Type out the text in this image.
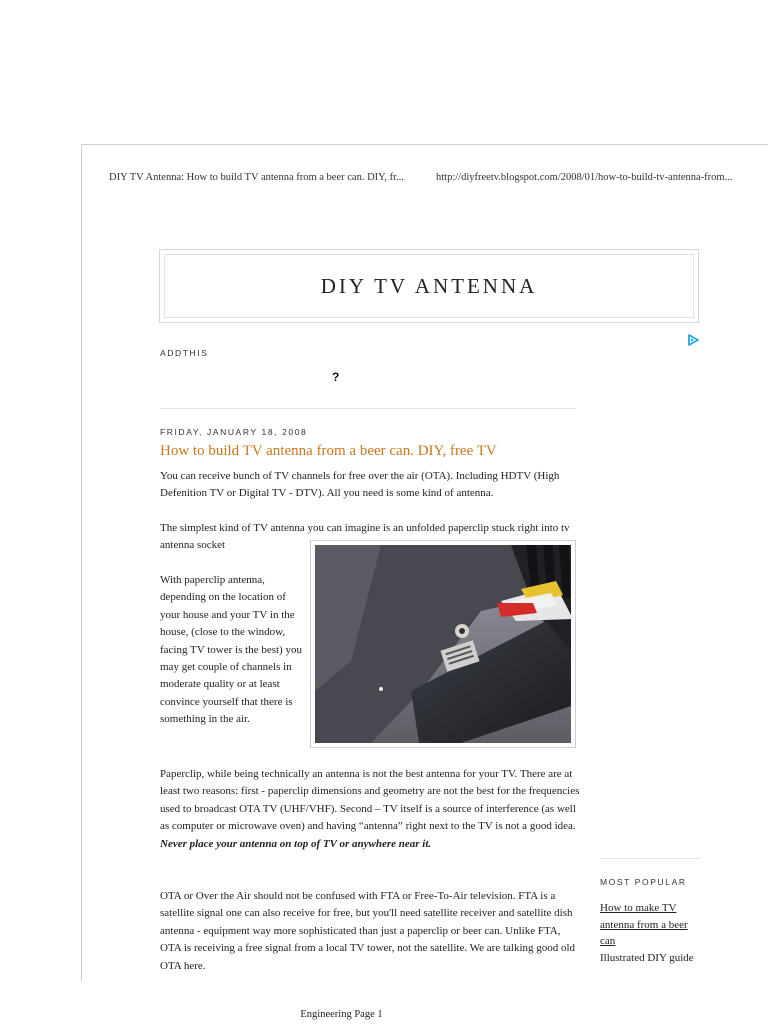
DIY TV Antenna: How to build TV antenna from a beer can. DIY, fr...	http://diyfreetv.blogspot.com/2008/01/how-to-build-tv-antenna-from...
DIY TV ANTENNA
ADDTHIS
?
FRIDAY, JANUARY 18, 2008
How to build TV antenna from a beer can. DIY, free TV
You can receive bunch of TV channels for free over the air (OTA). Including HDTV (High Defenition TV or Digital TV - DTV). All you need is some kind of antenna.
The simplest kind of TV antenna you can imagine is an unfolded paperclip stuck right into tv antenna socket
With paperclip antenna, depending on the location of your house and your TV in the house, (close to the window, facing TV tower is the best) you may get couple of channels in moderate quality or at least convince yourself that there is something in the air.
Paperclip, while being technically an antenna is not the best antenna for your TV. There are at least two reasons: first - paperclip dimensions and geometry are not the best for the frequencies used to broadcast OTA TV (UHF/VHF). Second – TV itself is a source of interference (as well as computer or microwave oven) and having “antenna” right next to the TV is not a good idea. Never place your antenna on top of TV or anywhere near it.
OTA or Over the Air should not be confused with FTA or Free-To-Air television. FTA is a satellite signal one can also receive for free, but you'll need satellite receiver and satellite dish antenna - equipment way more sophisticated than just a paperclip or beer can. Unlike FTA, OTA is receiving a free signal from a local TV tower, not the satellite. We are talking good old OTA here.
MOST POPULAR
How to make TV antenna from a beer can
Illustrated DIY guide
Engineering Page 1
